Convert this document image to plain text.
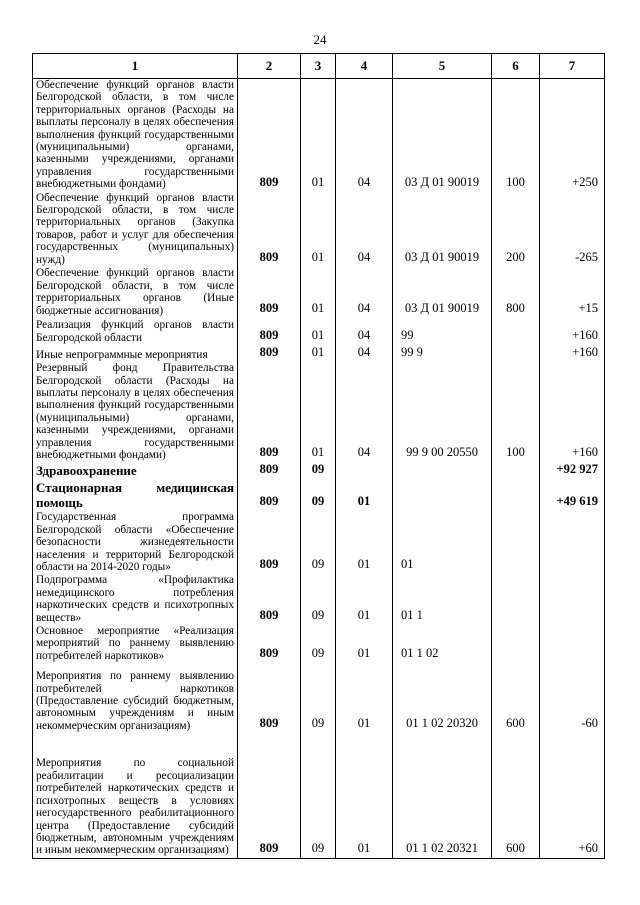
24
1	2	3	4	5	6	7
Обеспечение функций органов власти Белгородской области, в том числе территориальных органов (Расходы на выплаты персоналу в целях обеспечения выполнения функций государственными (муниципальными) органами, казенными учреждениями, органами управления государственными внебюджетными фондами)	809	01	04	03 Д 01 90019	100	+250
Обеспечение функций органов власти Белгородской области, в том числе территориальных органов (Закупка товаров, работ и услуг для обеспечения государственных (муниципальных) нужд)	809	01	04	03 Д 01 90019	200	-265
Обеспечение функций органов власти Белгородской области, в том числе территориальных органов (Иные бюджетные ассигнования)	809	01	04	03 Д 01 90019	800	+15
Реализация функций органов власти Белгородской области	809	01	04	99		+160
Иные непрограммные мероприятия	809	01	04	99 9		+160
Резервный фонд Правительства Белгородской области (Расходы на выплаты персоналу в целях обеспечения выполнения функций государственными (муниципальными) органами, казенными учреждениями, органами управления государственными внебюджетными фондами)	809	01	04	99 9 00 20550	100	+160
Здравоохранение	809	09				+92 927
Стационарная медицинская помощь	809	09	01			+49 619
Государственная программа Белгородской области «Обеспечение безопасности жизнедеятельности населения и территорий Белгородской области на 2014-2020 годы»	809	09	01	01		
Подпрограмма «Профилактика немедицинского потребления наркотических средств и психотропных веществ»	809	09	01	01 1		
Основное мероприятие «Реализация мероприятий по раннему выявлению потребителей наркотиков»	809	09	01	01 1 02		
Мероприятия по раннему выявлению потребителей наркотиков (Предоставление субсидий бюджетным, автономным учреждениям и иным некоммерческим организациям)	809	09	01	01 1 02 20320	600	-60
Мероприятия по социальной реабилитации и ресоциализации потребителей наркотических средств и психотропных веществ в условиях негосударственного реабилитационного центра (Предоставление субсидий бюджетным, автономным учреждениям и иным некоммерческим организациям)	809	09	01	01 1 02 20321	600	+60
